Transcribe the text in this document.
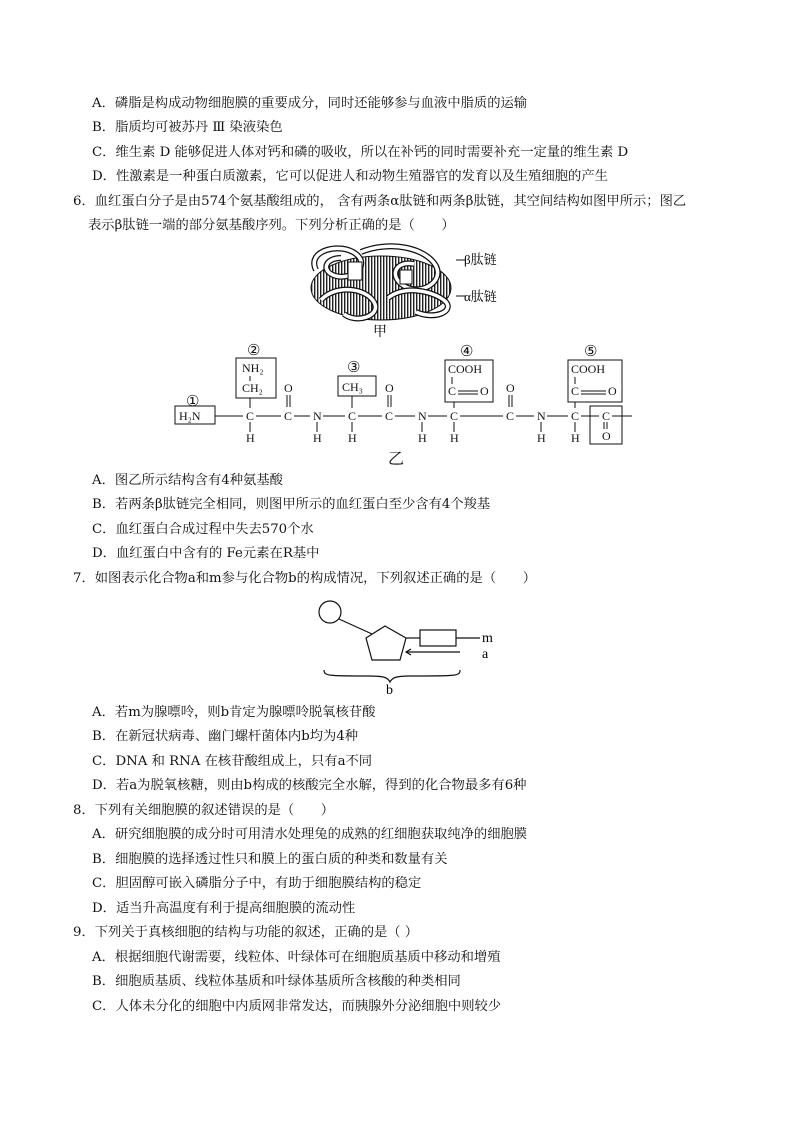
A．磷脂是构成动物细胞膜的重要成分，同时还能够参与血液中脂质的运输
B．脂质均可被苏丹 Ⅲ 染液染色
C．维生素 D 能够促进人体对钙和磷的吸收，所以在补钙的同时需要补充一定量的维生素 D
D．性激素是一种蛋白质激素，它可以促进人和动物生殖器官的发育以及生殖细胞的产生
6．血红蛋白分子是由574个氨基酸组成的， 含有两条α肽链和两条β肽链，其空间结构如图甲所示；图乙
表示β肽链一端的部分氨基酸序列。下列分析正确的是（　　）
β肽链
α肽链
甲
①
②
③
④	⑤
H₂N
NH₂
CH₂	CH₃
COOH
C O
COOH
C O
C C N C C N C	C N C C
O	O	O
O
H	H H	H H	H H
乙
A．图乙所示结构含有4种氨基酸
B．若两条β肽链完全相同，则图甲所示的血红蛋白至少含有4个羧基
C．血红蛋白合成过程中失去570个水
D．血红蛋白中含有的 Fe元素在R基中
7．如图表示化合物a和m参与化合物b的构成情况，下列叙述正确的是（　　）
m
a
b
A．若m为腺嘌呤，则b肯定为腺嘌呤脱氧核苷酸
B．在新冠状病毒、幽门螺杆菌体内b均为4种
C．DNA 和 RNA 在核苷酸组成上，只有a不同
D．若a为脱氧核糖，则由b构成的核酸完全水解，得到的化合物最多有6种
8．下列有关细胞膜的叙述错误的是（　　）
A．研究细胞膜的成分时可用清水处理兔的成熟的红细胞获取纯净的细胞膜
B．细胞膜的选择透过性只和膜上的蛋白质的种类和数量有关
C．胆固醇可嵌入磷脂分子中，有助于细胞膜结构的稳定
D．适当升高温度有利于提高细胞膜的流动性
9．下列关于真核细胞的结构与功能的叙述，正确的是（ ）
A．根据细胞代谢需要，线粒体、叶绿体可在细胞质基质中移动和增殖
B．细胞质基质、线粒体基质和叶绿体基质所含核酸的种类相同
C．人体未分化的细胞中内质网非常发达，而胰腺外分泌细胞中则较少
